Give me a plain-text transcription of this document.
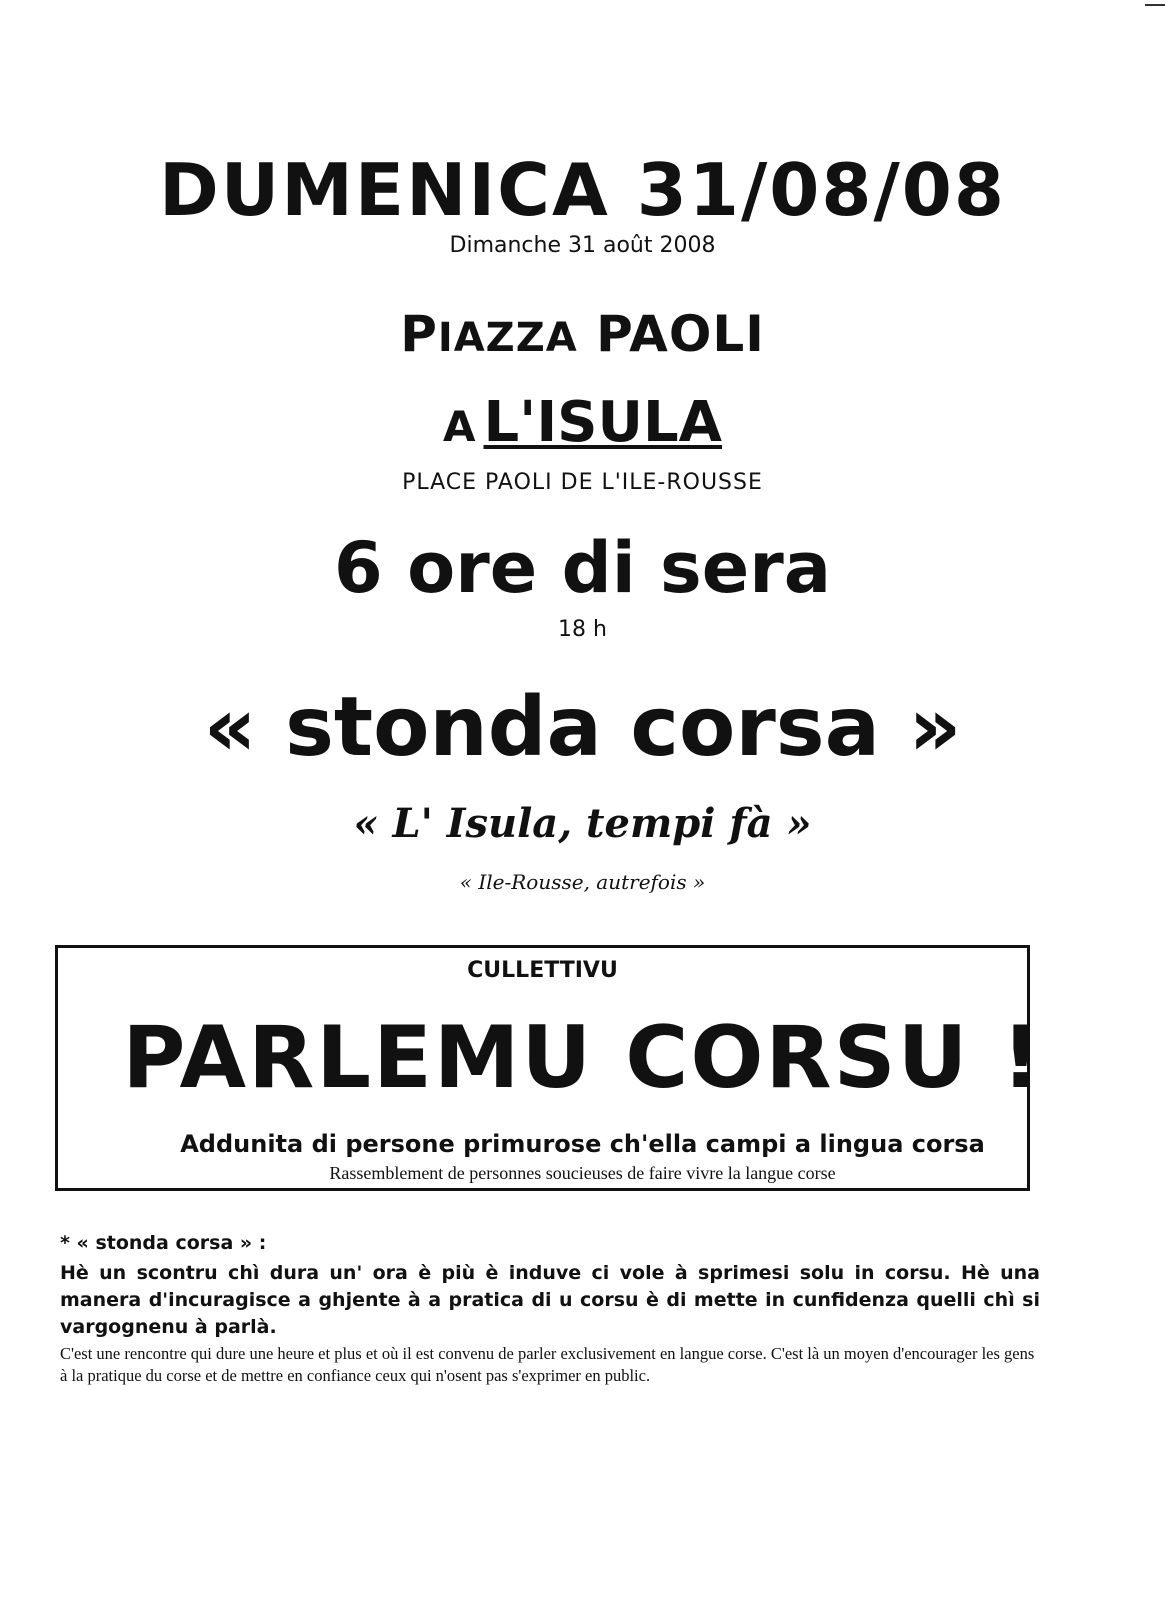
DUMENICA 31/08/08
Dimanche 31 août 2008
PIAZZA PAOLI
A L'ISULA
PLACE PAOLI DE L'ILE-ROUSSE
6 ore di sera
18 h
« stonda corsa »
« L' Isula, tempi fà »
« Ile-Rousse, autrefois »
CULLETTIVU
PARLEMU CORSU !
Addunita di persone primurose ch'ella campi a lingua corsa
Rassemblement de personnes soucieuses de faire vivre la langue corse
* « stonda corsa » :
Hè un scontru chì dura un' ora è più è induve ci vole à sprimesi solu in corsu. Hè una manera d'incuragisce a ghjente à a pratica di u corsu è di mette in cunfidenza quelli chì si vargognenu à parlà.
C'est une rencontre qui dure une heure et plus et où il est convenu de parler exclusivement en langue corse. C'est là un moyen d'encourager les gens à la pratique du corse et de mettre en confiance ceux qui n'osent pas s'exprimer en public.
